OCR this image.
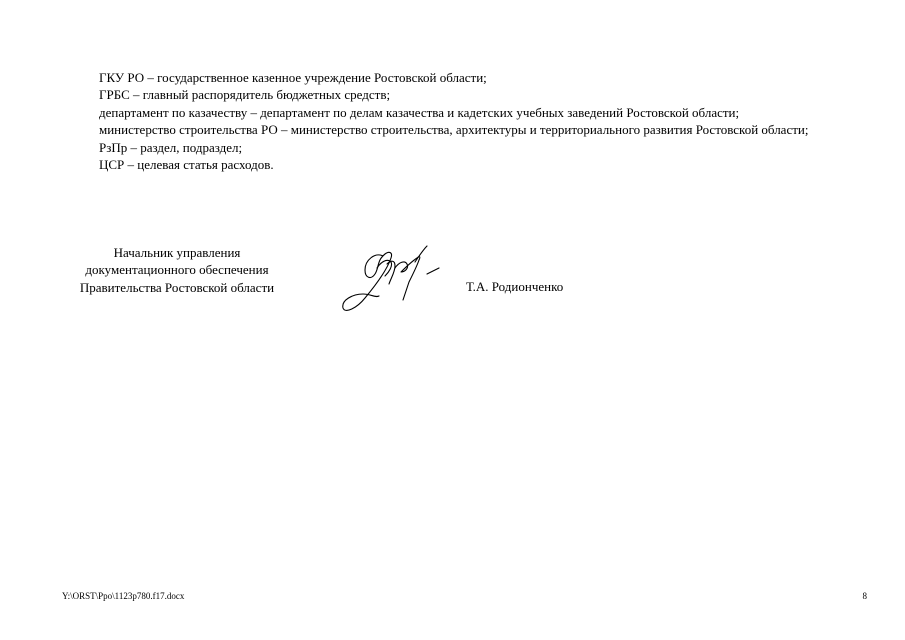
ГКУ РО – государственное казенное учреждение Ростовской области;

ГРБС – главный распорядитель бюджетных средств;

департамент по казачеству – департамент по делам казачества и кадетских учебных заведений Ростовской области;

министерство строительства РО – министерство строительства, архитектуры и территориального развития Ростовской области;

РзПр – раздел, подраздел;

ЦСР – целевая статья расходов.

Начальник управления
документационного обеспечения
Правительства Ростовской области	Т.А. Родионченко
Y:\ORST\Ppo\1123p780.f17.docx	8
